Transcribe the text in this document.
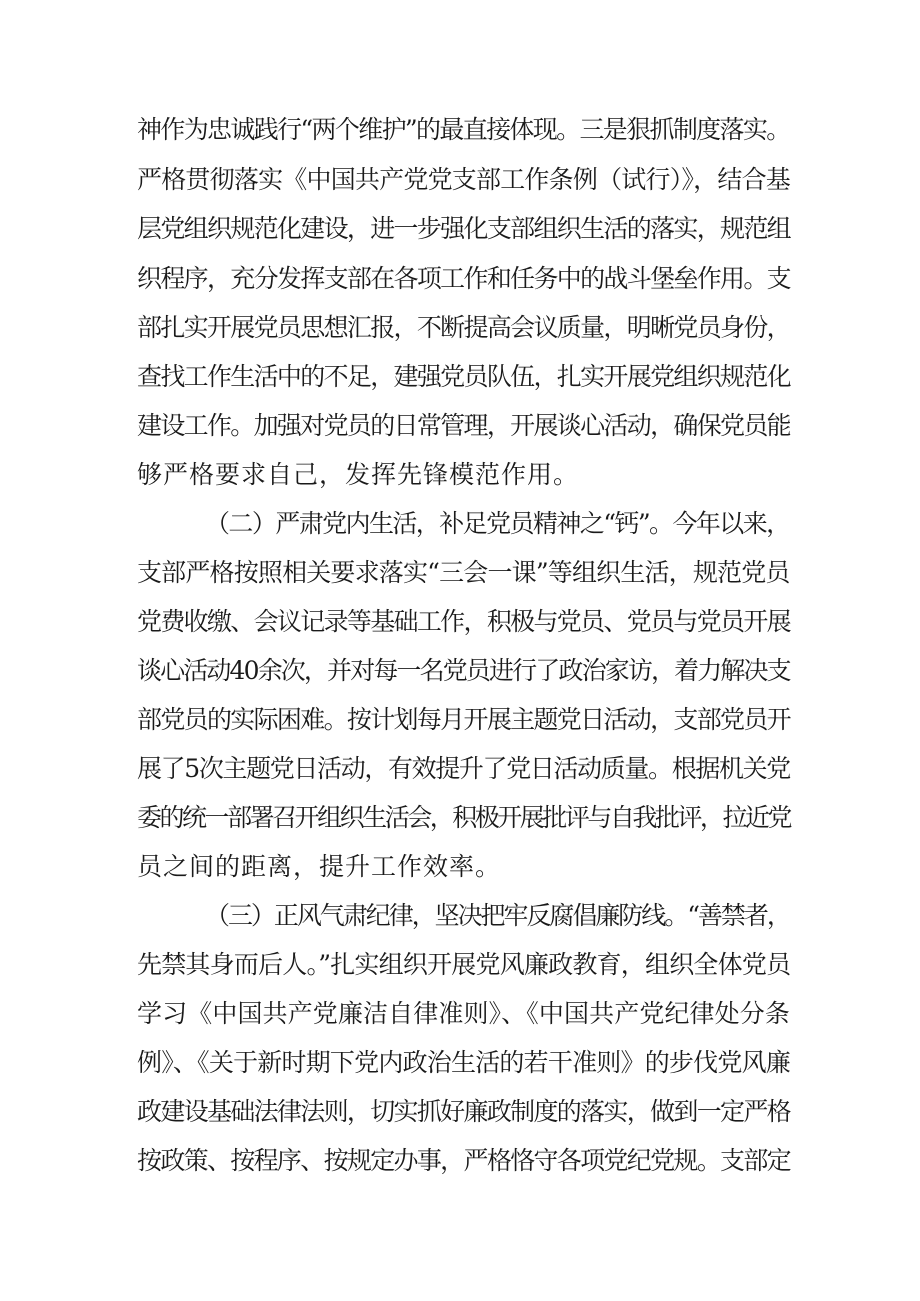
神作为忠诚践行“两个维护”的最直接体现。三是狠抓制度落实。
严格贯彻落实《中国共产党党支部工作条例（试行）》，结合基
层党组织规范化建设，进一步强化支部组织生活的落实，规范组
织程序，充分发挥支部在各项工作和任务中的战斗堡垒作用。支
部扎实开展党员思想汇报，不断提高会议质量，明晰党员身份，
查找工作生活中的不足，建强党员队伍，扎实开展党组织规范化
建设工作。加强对党员的日常管理，开展谈心活动，确保党员能
够严格要求自己，发挥先锋模范作用。
（二）严肃党内生活，补足党员精神之“钙”。今年以来，
支部严格按照相关要求落实“三会一课”等组织生活，规范党员
党费收缴、会议记录等基础工作，积极与党员、党员与党员开展
谈心活动40余次，并对每一名党员进行了政治家访，着力解决支
部党员的实际困难。按计划每月开展主题党日活动，支部党员开
展了5次主题党日活动，有效提升了党日活动质量。根据机关党
委的统一部署召开组织生活会，积极开展批评与自我批评，拉近党
员之间的距离，提升工作效率。
（三）正风气肃纪律，坚决把牢反腐倡廉防线。“善禁者，
先禁其身而后人。”扎实组织开展党风廉政教育，组织全体党员
学习《中国共产党廉洁自律准则》、《中国共产党纪律处分条
例》、《关于新时期下党内政治生活的若干准则》的步伐党风廉
政建设基础法律法则，切实抓好廉政制度的落实，做到一定严格
按政策、按程序、按规定办事，严格恪守各项党纪党规。支部定
